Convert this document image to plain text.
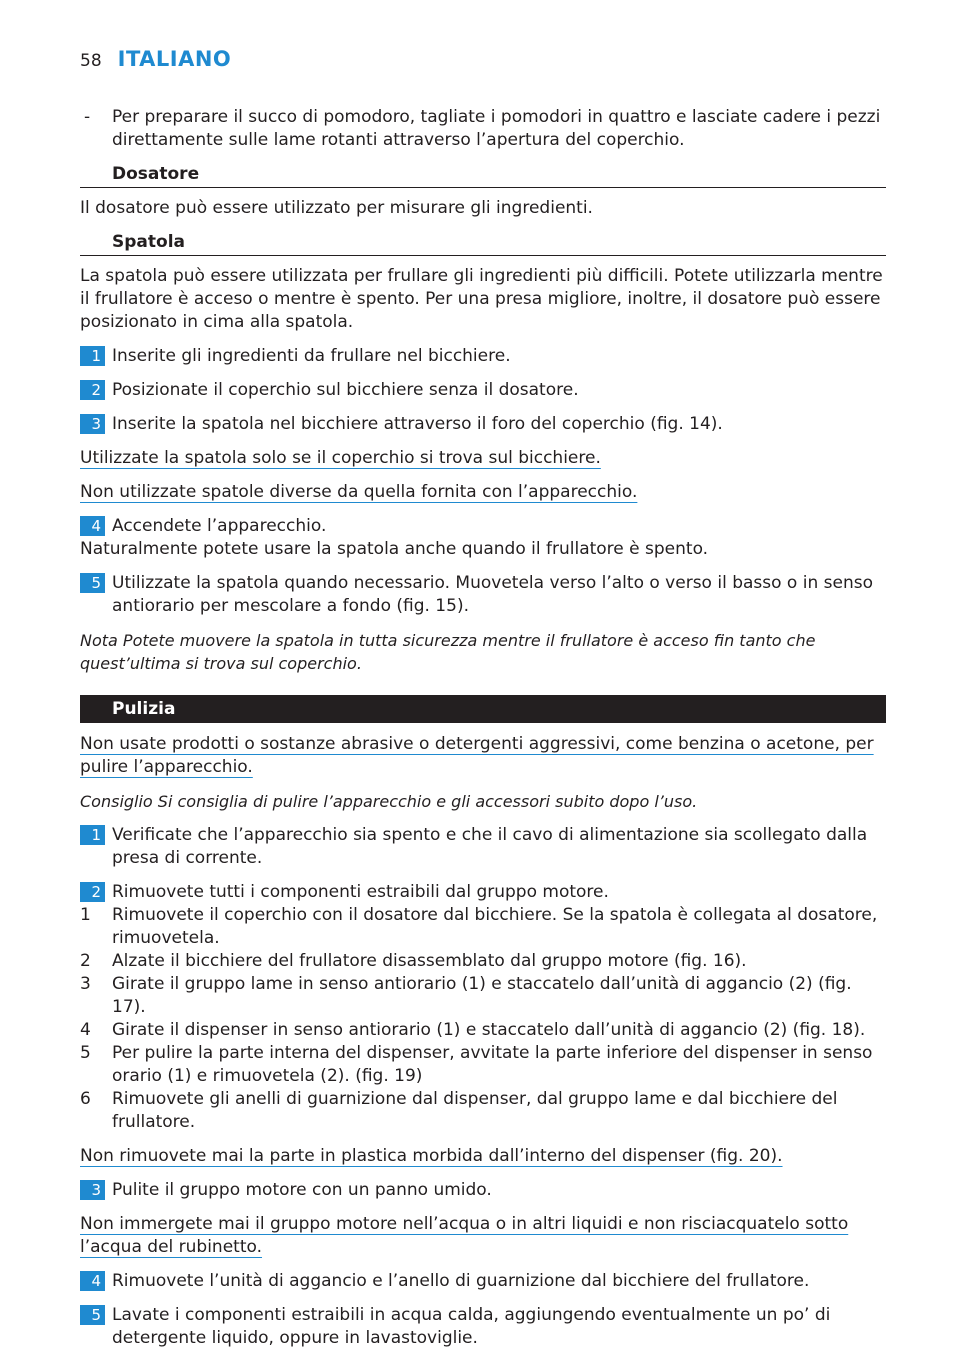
58 ITALIANO
- Per preparare il succo di pomodoro, tagliate i pomodori in quattro e lasciate cadere i pezzi direttamente sulle lame rotanti attraverso l’apertura del coperchio.
Dosatore
Il dosatore può essere utilizzato per misurare gli ingredienti.
Spatola
La spatola può essere utilizzata per frullare gli ingredienti più difficili. Potete utilizzarla mentre il frullatore è acceso o mentre è spento. Per una presa migliore, inoltre, il dosatore può essere posizionato in cima alla spatola.
1 Inserite gli ingredienti da frullare nel bicchiere.
2 Posizionate il coperchio sul bicchiere senza il dosatore.
3 Inserite la spatola nel bicchiere attraverso il foro del coperchio (fig. 14).
Utilizzate la spatola solo se il coperchio si trova sul bicchiere.
Non utilizzate spatole diverse da quella fornita con l’apparecchio.
4 Accendete l’apparecchio.
Naturalmente potete usare la spatola anche quando il frullatore è spento.
5 Utilizzate la spatola quando necessario. Muovetela verso l’alto o verso il basso o in senso antiorario per mescolare a fondo (fig. 15).
Nota Potete muovere la spatola in tutta sicurezza mentre il frullatore è acceso fin tanto che quest’ultima si trova sul coperchio.
Pulizia
Non usate prodotti o sostanze abrasive o detergenti aggressivi, come benzina o acetone, per pulire l’apparecchio.
Consiglio Si consiglia di pulire l’apparecchio e gli accessori subito dopo l’uso.
1 Verificate che l’apparecchio sia spento e che il cavo di alimentazione sia scollegato dalla presa di corrente.
2 Rimuovete tutti i componenti estraibili dal gruppo motore.
1 Rimuovete il coperchio con il dosatore dal bicchiere. Se la spatola è collegata al dosatore, rimuovetela.
2 Alzate il bicchiere del frullatore disassemblato dal gruppo motore (fig. 16).
3 Girate il gruppo lame in senso antiorario (1) e staccatelo dall’unità di aggancio (2) (fig. 17).
4 Girate il dispenser in senso antiorario (1) e staccatelo dall’unità di aggancio (2) (fig. 18).
5 Per pulire la parte interna del dispenser, avvitate la parte inferiore del dispenser in senso orario (1) e rimuovetela (2). (fig. 19)
6 Rimuovete gli anelli di guarnizione dal dispenser, dal gruppo lame e dal bicchiere del frullatore.
Non rimuovete mai la parte in plastica morbida dall’interno del dispenser (fig. 20).
3 Pulite il gruppo motore con un panno umido.
Non immergete mai il gruppo motore nell’acqua o in altri liquidi e non risciacquatelo sotto l’acqua del rubinetto.
4 Rimuovete l’unità di aggancio e l’anello di guarnizione dal bicchiere del frullatore.
5 Lavate i componenti estraibili in acqua calda, aggiungendo eventualmente un po’ di detergente liquido, oppure in lavastoviglie.
